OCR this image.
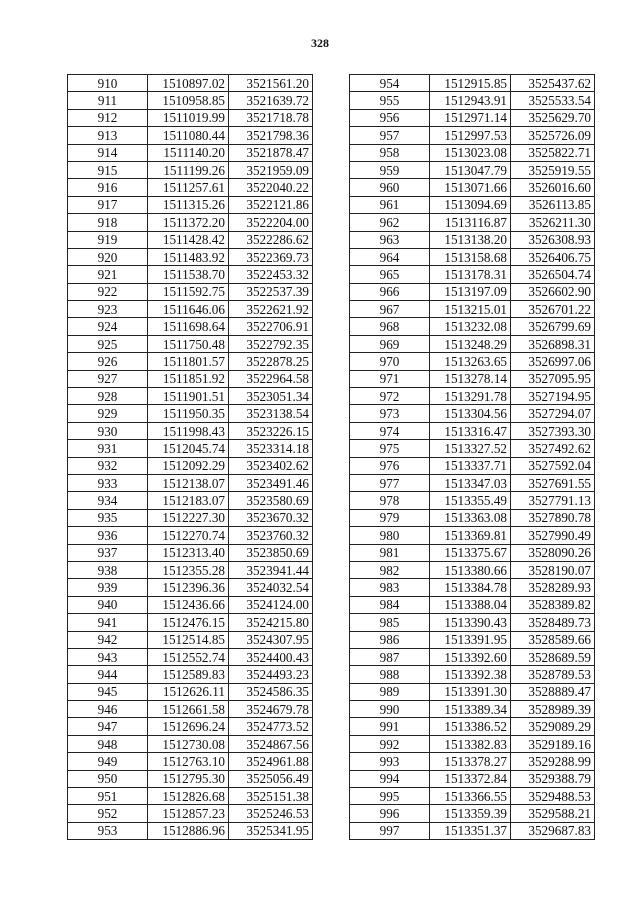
328
910	1510897.02	3521561.20
911	1510958.85	3521639.72
912	1511019.99	3521718.78
913	1511080.44	3521798.36
914	1511140.20	3521878.47
915	1511199.26	3521959.09
916	1511257.61	3522040.22
917	1511315.26	3522121.86
918	1511372.20	3522204.00
919	1511428.42	3522286.62
920	1511483.92	3522369.73
921	1511538.70	3522453.32
922	1511592.75	3522537.39
923	1511646.06	3522621.92
924	1511698.64	3522706.91
925	1511750.48	3522792.35
926	1511801.57	3522878.25
927	1511851.92	3522964.58
928	1511901.51	3523051.34
929	1511950.35	3523138.54
930	1511998.43	3523226.15
931	1512045.74	3523314.18
932	1512092.29	3523402.62
933	1512138.07	3523491.46
934	1512183.07	3523580.69
935	1512227.30	3523670.32
936	1512270.74	3523760.32
937	1512313.40	3523850.69
938	1512355.28	3523941.44
939	1512396.36	3524032.54
940	1512436.66	3524124.00
941	1512476.15	3524215.80
942	1512514.85	3524307.95
943	1512552.74	3524400.43
944	1512589.83	3524493.23
945	1512626.11	3524586.35
946	1512661.58	3524679.78
947	1512696.24	3524773.52
948	1512730.08	3524867.56
949	1512763.10	3524961.88
950	1512795.30	3525056.49
951	1512826.68	3525151.38
952	1512857.23	3525246.53
953	1512886.96	3525341.95
954	1512915.85	3525437.62
955	1512943.91	3525533.54
956	1512971.14	3525629.70
957	1512997.53	3525726.09
958	1513023.08	3525822.71
959	1513047.79	3525919.55
960	1513071.66	3526016.60
961	1513094.69	3526113.85
962	1513116.87	3526211.30
963	1513138.20	3526308.93
964	1513158.68	3526406.75
965	1513178.31	3526504.74
966	1513197.09	3526602.90
967	1513215.01	3526701.22
968	1513232.08	3526799.69
969	1513248.29	3526898.31
970	1513263.65	3526997.06
971	1513278.14	3527095.95
972	1513291.78	3527194.95
973	1513304.56	3527294.07
974	1513316.47	3527393.30
975	1513327.52	3527492.62
976	1513337.71	3527592.04
977	1513347.03	3527691.55
978	1513355.49	3527791.13
979	1513363.08	3527890.78
980	1513369.81	3527990.49
981	1513375.67	3528090.26
982	1513380.66	3528190.07
983	1513384.78	3528289.93
984	1513388.04	3528389.82
985	1513390.43	3528489.73
986	1513391.95	3528589.66
987	1513392.60	3528689.59
988	1513392.38	3528789.53
989	1513391.30	3528889.47
990	1513389.34	3528989.39
991	1513386.52	3529089.29
992	1513382.83	3529189.16
993	1513378.27	3529288.99
994	1513372.84	3529388.79
995	1513366.55	3529488.53
996	1513359.39	3529588.21
997	1513351.37	3529687.83
